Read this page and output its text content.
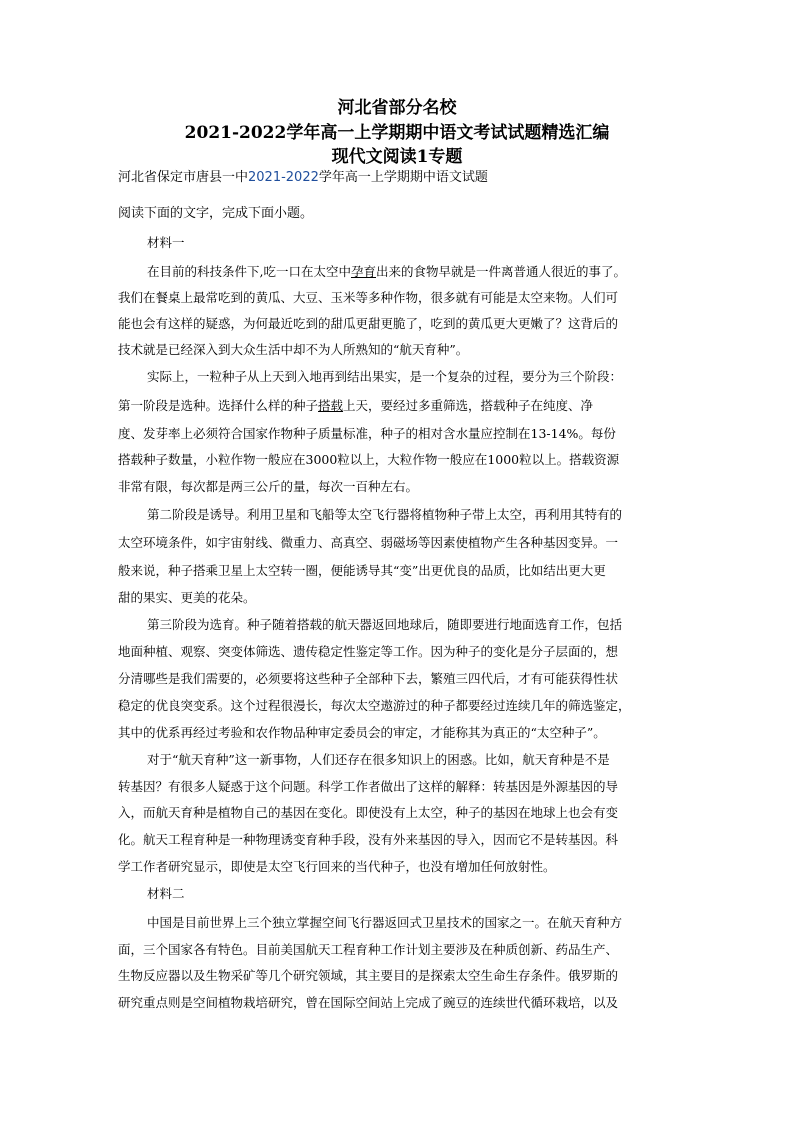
河北省部分名校
2021-2022学年高一上学期期中语文考试试题精选汇编
现代文阅读1专题
河北省保定市唐县一中2021-2022学年高一上学期期中语文试题
阅读下面的文字，完成下面小题。
材料一
在目前的科技条件下,吃一口在太空中孕育出来的食物早就是一件离普通人很近的事了。
我们在餐桌上最常吃到的黄瓜、大豆、玉米等多种作物，很多就有可能是太空来物。人们可
能也会有这样的疑惑，为何最近吃到的甜瓜更甜更脆了，吃到的黄瓜更大更嫩了？这背后的
技术就是已经深入到大众生活中却不为人所熟知的“航天育种”。
实际上，一粒种子从上天到入地再到结出果实，是一个复杂的过程，要分为三个阶段：
第一阶段是选种。选择什么样的种子搭载上天，要经过多重筛选，搭载种子在纯度、净
度、发芽率上必须符合国家作物种子质量标准，种子的相对含水量应控制在13-14%。每份
搭载种子数量，小粒作物一般应在3000粒以上，大粒作物一般应在1000粒以上。搭载资源
非常有限，每次都是两三公斤的量，每次一百种左右。
第二阶段是诱导。利用卫星和飞船等太空飞行器将植物种子带上太空，再利用其特有的
太空环境条件，如宇宙射线、微重力、高真空、弱磁场等因素使植物产生各种基因变异。一
般来说，种子搭乘卫星上太空转一圈，便能诱导其“变”出更优良的品质，比如结出更大更
甜的果实、更美的花朵。
第三阶段为选育。种子随着搭载的航天器返回地球后，随即要进行地面选育工作，包括
地面种植、观察、突变体筛选、遗传稳定性鉴定等工作。因为种子的变化是分子层面的，想
分清哪些是我们需要的，必须要将这些种子全部种下去，繁殖三四代后，才有可能获得性状
稳定的优良突变系。这个过程很漫长，每次太空遨游过的种子都要经过连续几年的筛选鉴定，
其中的优系再经过考验和农作物品种审定委员会的审定，才能称其为真正的“太空种子”。
对于“航天育种”这一新事物，人们还存在很多知识上的困惑。比如，航天育种是不是
转基因？有很多人疑惑于这个问题。科学工作者做出了这样的解释：转基因是外源基因的导
入，而航天育种是植物自己的基因在变化。即使没有上太空，种子的基因在地球上也会有变
化。航天工程育种是一种物理诱变育种手段，没有外来基因的导入，因而它不是转基因。科
学工作者研究显示，即使是太空飞行回来的当代种子，也没有增加任何放射性。
材料二
中国是目前世界上三个独立掌握空间飞行器返回式卫星技术的国家之一。在航天育种方
面，三个国家各有特色。目前美国航天工程育种工作计划主要涉及在种质创新、药品生产、
生物反应器以及生物采矿等几个研究领域，其主要目的是探索太空生命生存条件。俄罗斯的
研究重点则是空间植物栽培研究，曾在国际空间站上完成了豌豆的连续世代循环栽培，以及
